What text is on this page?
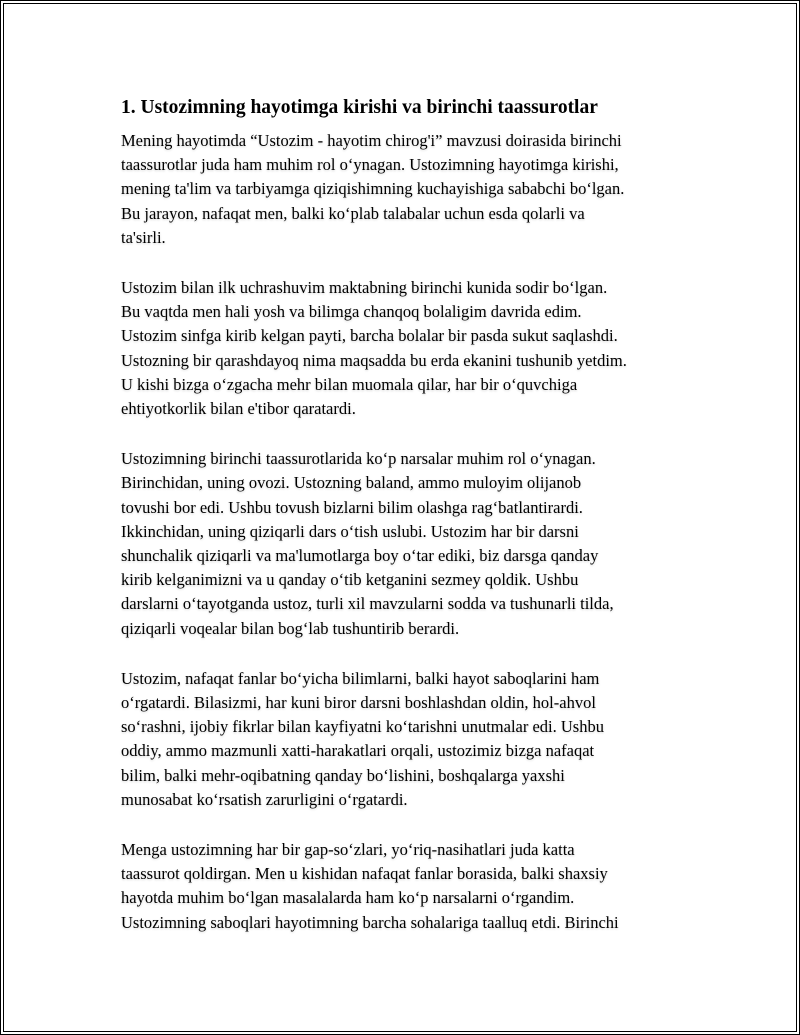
1. Ustozimning hayotimga kirishi va birinchi taassurotlar
Mening hayotimda “Ustozim - hayotim chirog'i” mavzusi doirasida birinchi
taassurotlar juda ham muhim rol o‘ynagan. Ustozimning hayotimga kirishi,
mening ta'lim va tarbiyamga qiziqishimning kuchayishiga sababchi bo‘lgan.
Bu jarayon, nafaqat men, balki ko‘plab talabalar uchun esda qolarli va
ta'sirli.
Ustozim bilan ilk uchrashuvim maktabning birinchi kunida sodir bo‘lgan.
Bu vaqtda men hali yosh va bilimga chanqoq bolaligim davrida edim.
Ustozim sinfga kirib kelgan payti, barcha bolalar bir pasda sukut saqlashdi.
Ustozning bir qarashdayoq nima maqsadda bu erda ekanini tushunib yetdim.
U kishi bizga o‘zgacha mehr bilan muomala qilar, har bir o‘quvchiga
ehtiyotkorlik bilan e'tibor qaratardi.
Ustozimning birinchi taassurotlarida ko‘p narsalar muhim rol o‘ynagan.
Birinchidan, uning ovozi. Ustozning baland, ammo muloyim olijanob
tovushi bor edi. Ushbu tovush bizlarni bilim olashga rag‘batlantirardi.
Ikkinchidan, uning qiziqarli dars o‘tish uslubi. Ustozim har bir darsni
shunchalik qiziqarli va ma'lumotlarga boy o‘tar ediki, biz darsga qanday
kirib kelganimizni va u qanday o‘tib ketganini sezmey qoldik. Ushbu
darslarni o‘tayotganda ustoz, turli xil mavzularni sodda va tushunarli tilda,
qiziqarli voqealar bilan bog‘lab tushuntirib berardi.
Ustozim, nafaqat fanlar bo‘yicha bilimlarni, balki hayot saboqlarini ham
o‘rgatardi. Bilasizmi, har kuni biror darsni boshlashdan oldin, hol-ahvol
so‘rashni, ijobiy fikrlar bilan kayfiyatni ko‘tarishni unutmalar edi. Ushbu
oddiy, ammo mazmunli xatti-harakatlari orqali, ustozimiz bizga nafaqat
bilim, balki mehr-oqibatning qanday bo‘lishini, boshqalarga yaxshi
munosabat ko‘rsatish zarurligini o‘rgatardi.
Menga ustozimning har bir gap-so‘zlari, yo‘riq-nasihatlari juda katta
taassurot qoldirgan. Men u kishidan nafaqat fanlar borasida, balki shaxsiy
hayotda muhim bo‘lgan masalalarda ham ko‘p narsalarni o‘rgandim.
Ustozimning saboqlari hayotimning barcha sohalariga taalluq etdi. Birinchi
